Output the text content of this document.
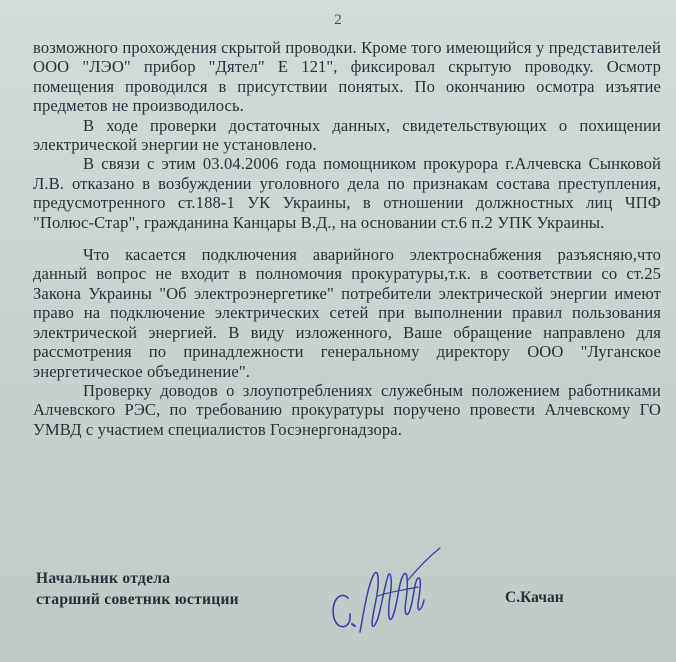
2

возможного прохождения скрытой проводки. Кроме того имеющийся у представителей ООО "ЛЭО" прибор "Дятел" Е 121", фиксировал скрытую проводку. Осмотр помещения проводился в присутствии понятых. По окончанию осмотра изъятие предметов не производилось.

В ходе проверки достаточных данных, свидетельствующих о похищении электрической энергии не установлено.

В связи с этим 03.04.2006 года помощником прокурора г.Алчевска Сынковой Л.В. отказано в возбуждении уголовного дела по признакам состава преступления, предусмотренного ст.188-1 УК Украины, в отношении должностных лиц ЧПФ "Полюс-Стар", гражданина Канцары В.Д., на основании ст.6 п.2 УПК Украины.

Что касается подключения аварийного электроснабжения разъясняю,что данный вопрос не входит в полномочия прокуратуры,т.к. в соответствии со ст.25 Закона Украины "Об электроэнергетике" потребители электрической энергии имеют право на подключение электрических сетей при выполнении правил пользования электрической энергией. В виду изложенного, Ваше обращение направлено для рассмотрения по принадлежности генеральному директору ООО "Луганское энергетическое объединение".

Проверку доводов о злоупотреблениях служебным положением работниками Алчевского РЭС, по требованию прокуратуры поручено провести Алчевскому ГО УМВД с участием специалистов Госэнергонадзора.

Начальник отдела
старший советник юстиции	С.Качан
